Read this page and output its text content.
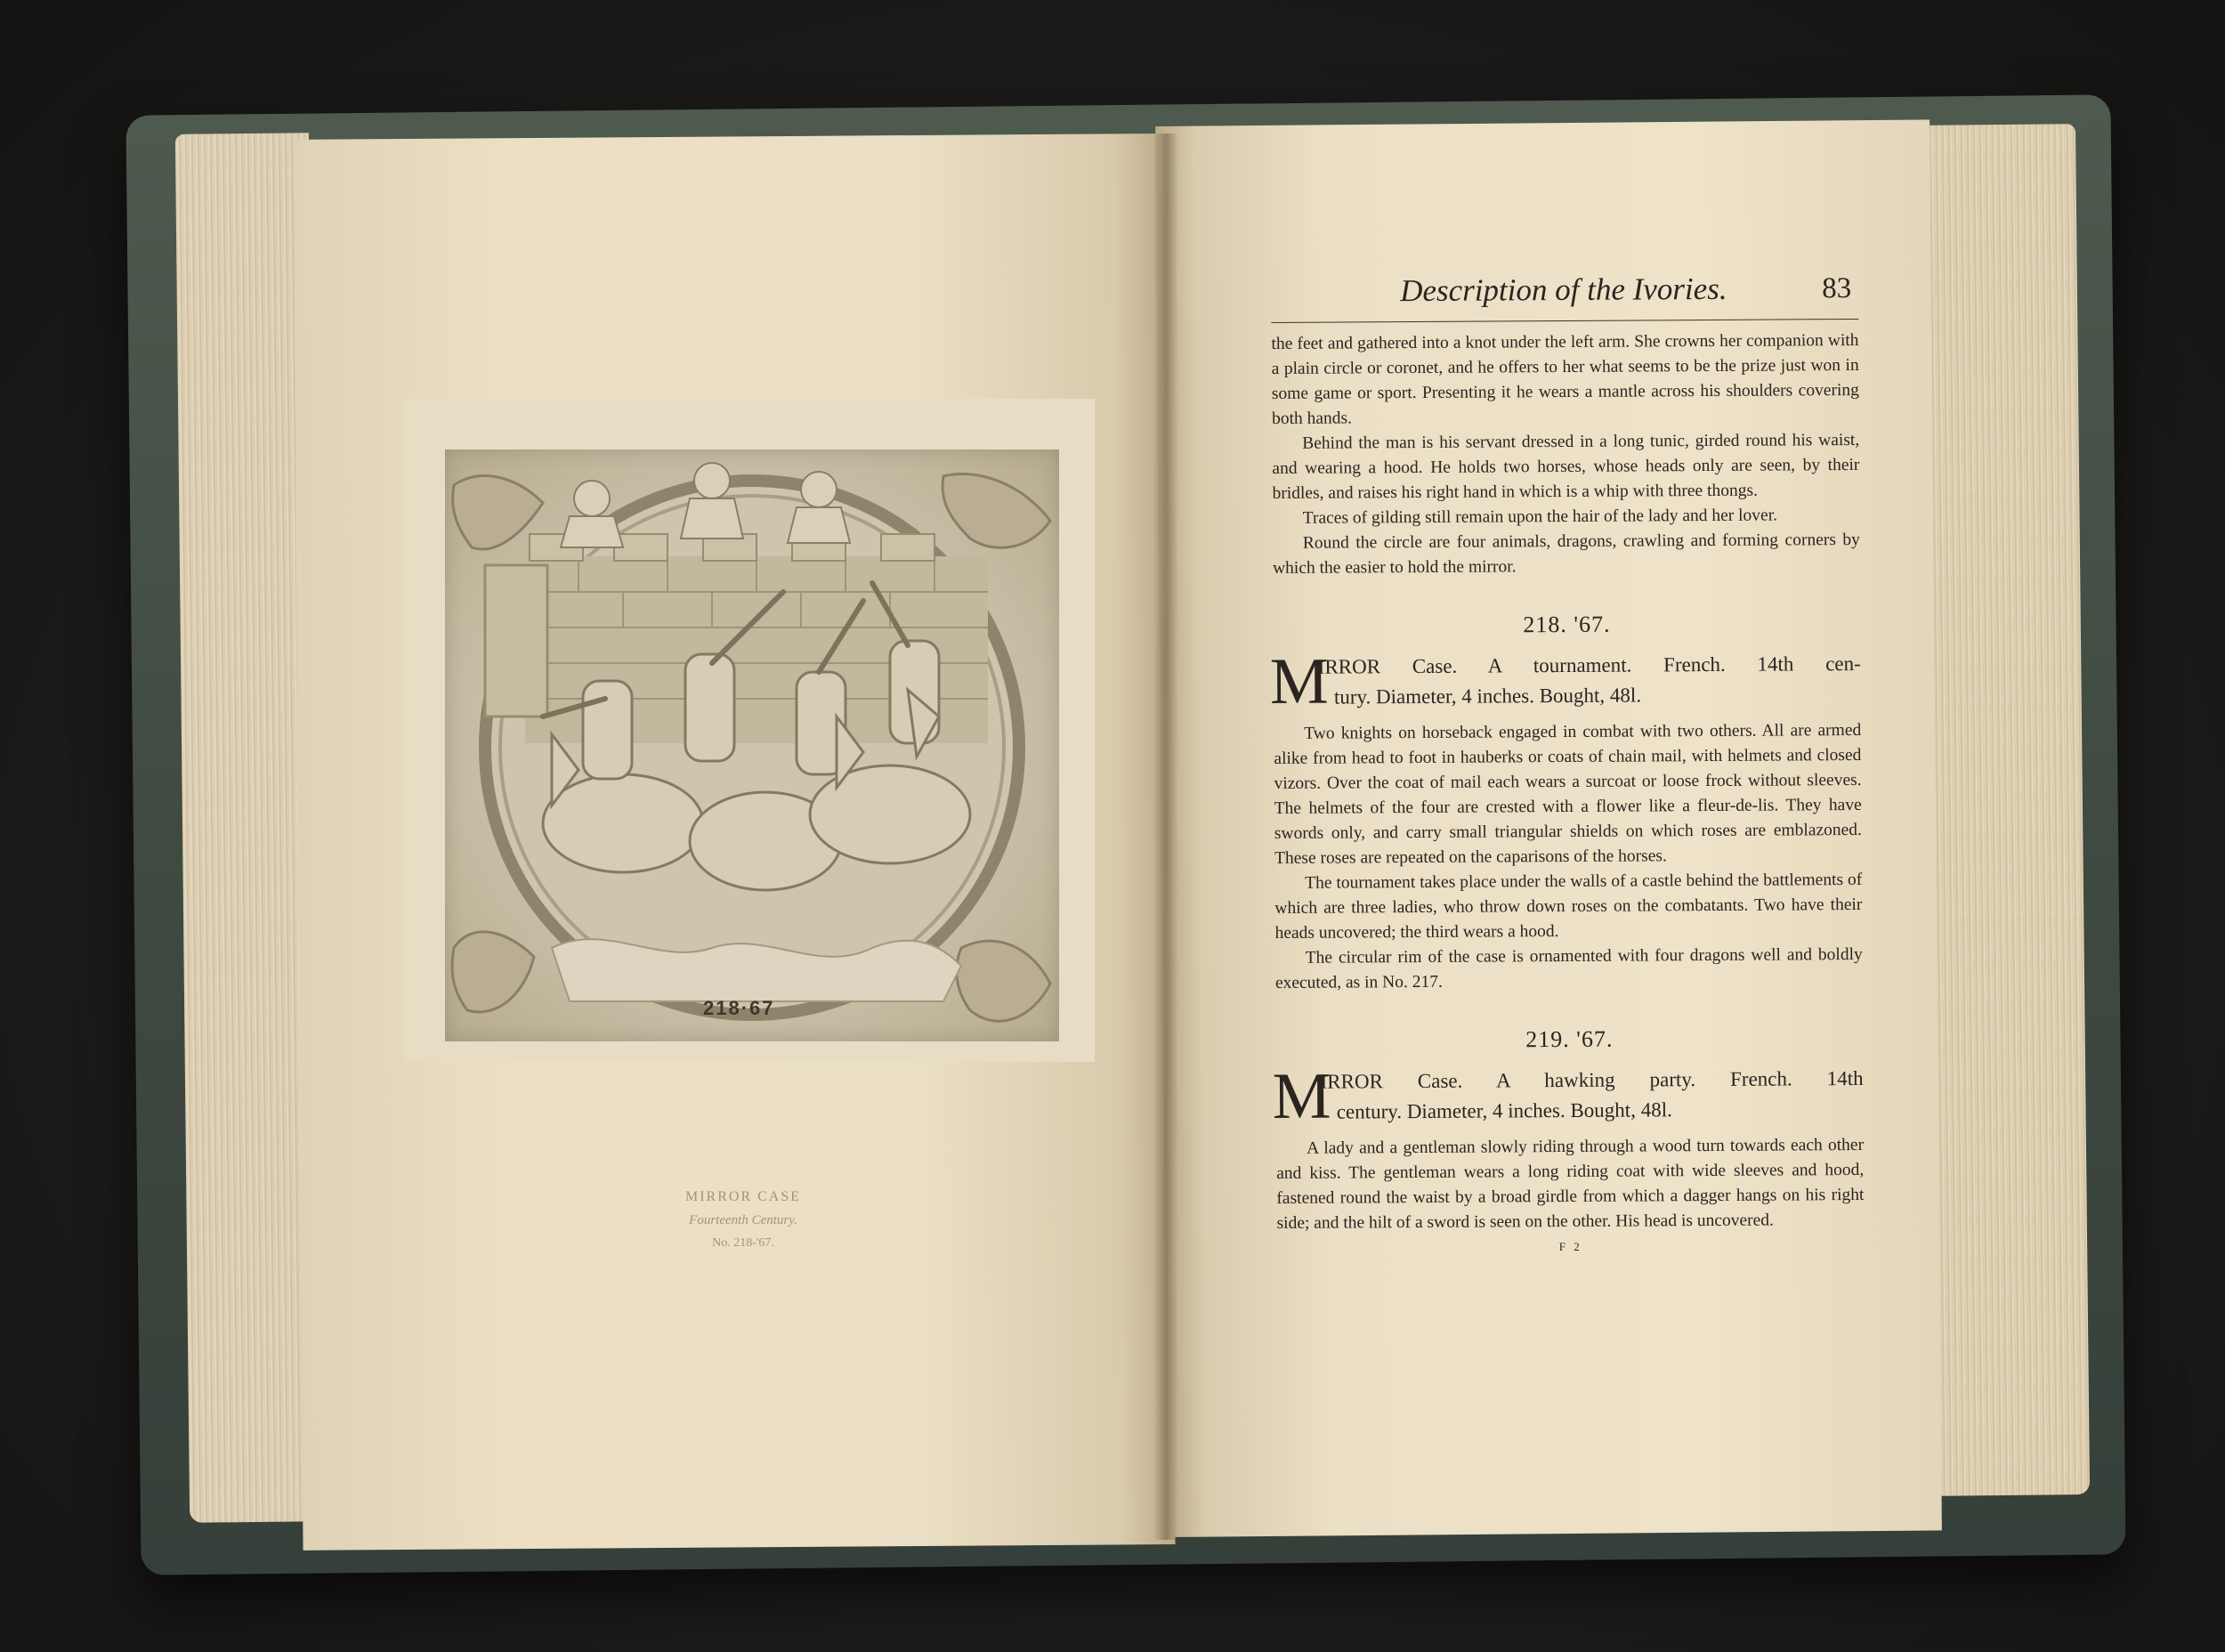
218·67
MIRROR CASE
Fourteenth Century.
No. 218-'67.
Description of the Ivories.	83

the feet and gathered into a knot under the left arm. She crowns her companion with a plain circle or coronet, and he offers to her what seems to be the prize just won in some game or sport. Presenting it he wears a mantle across his shoulders covering both hands.

Behind the man is his servant dressed in a long tunic, girded round his waist, and wearing a hood. He holds two horses, whose heads only are seen, by their bridles, and raises his right hand in which is a whip with three thongs.

Traces of gilding still remain upon the hair of the lady and her lover.

Round the circle are four animals, dragons, crawling and forming corners by which the easier to hold the mirror.

218. '67.
M
IRROR Case. A tournament. French. 14th cen-
tury. Diameter, 4 inches. Bought, 48l.

Two knights on horseback engaged in combat with two others. All are armed alike from head to foot in hauberks or coats of chain mail, with helmets and closed vizors. Over the coat of mail each wears a surcoat or loose frock without sleeves. The helmets of the four are crested with a flower like a fleur-de-lis. They have swords only, and carry small triangular shields on which roses are emblazoned. These roses are repeated on the caparisons of the horses.

The tournament takes place under the walls of a castle behind the battlements of which are three ladies, who throw down roses on the combatants. Two have their heads uncovered; the third wears a hood.

The circular rim of the case is ornamented with four dragons well and boldly executed, as in No. 217.

219. '67.
M
IRROR Case. A hawking party. French. 14th
century. Diameter, 4 inches. Bought, 48l.

A lady and a gentleman slowly riding through a wood turn towards each other and kiss. The gentleman wears a long riding coat with wide sleeves and hood, fastened round the waist by a broad girdle from which a dagger hangs on his right side; and the hilt of a sword is seen on the other. His head is uncovered.

F 2
